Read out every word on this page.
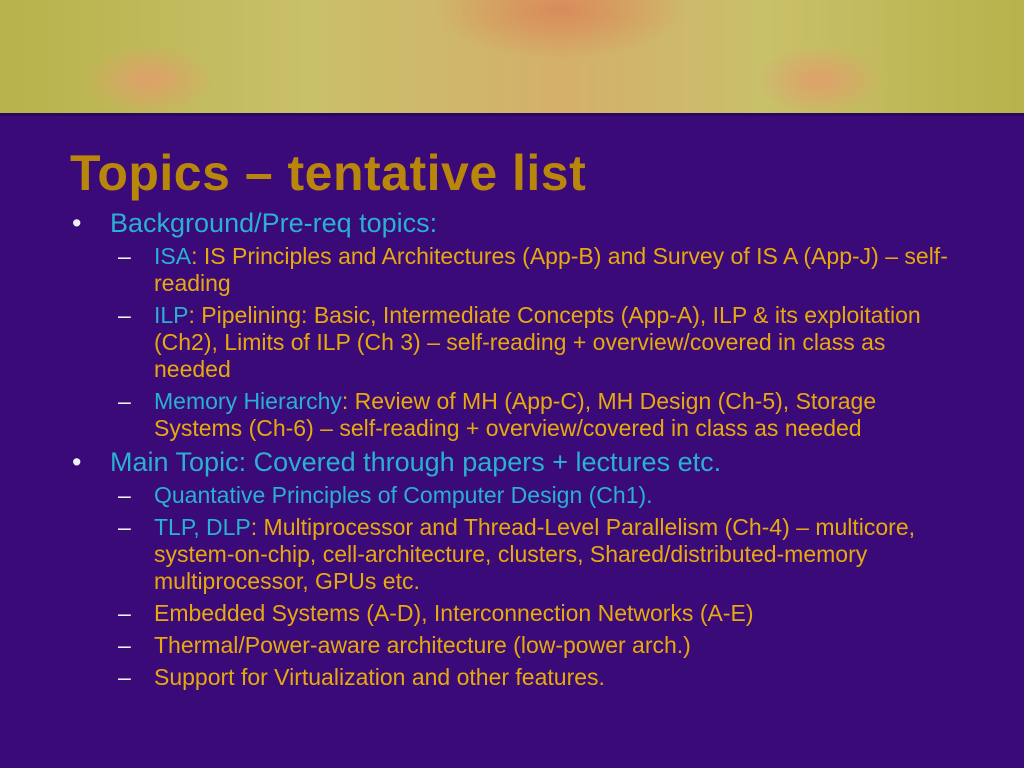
Topics – tentative list
• Background/Pre-req topics:
– ISA: IS Principles and Architectures (App-B) and Survey of IS A (App-J) – self-reading
– ILP: Pipelining: Basic, Intermediate Concepts (App-A), ILP & its exploitation (Ch2), Limits of ILP (Ch 3) – self-reading + overview/covered in class as needed
– Memory Hierarchy: Review of MH (App-C), MH Design (Ch-5), Storage Systems (Ch-6) – self-reading + overview/covered in class as needed
• Main Topic: Covered through papers + lectures etc.
– Quantative Principles of Computer Design (Ch1).
– TLP, DLP: Multiprocessor and Thread-Level Parallelism (Ch-4) – multicore, system-on-chip, cell-architecture, clusters, Shared/distributed-memory multiprocessor, GPUs etc.
– Embedded Systems (A-D), Interconnection Networks (A-E)
– Thermal/Power-aware architecture (low-power arch.)
– Support for Virtualization and other features.
